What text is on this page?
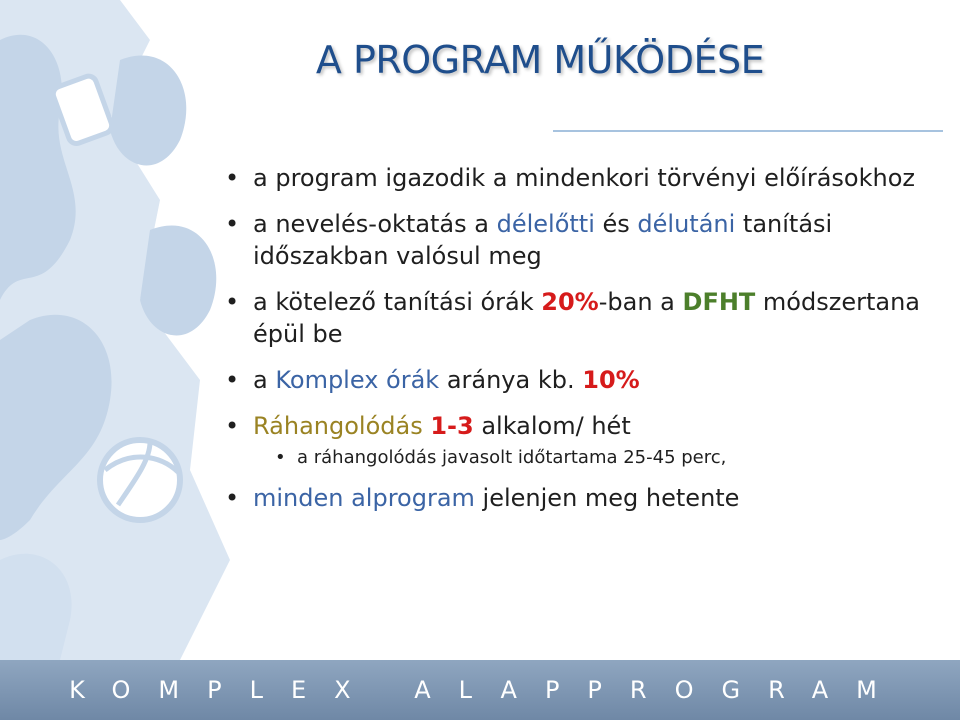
A PROGRAM MŰKÖDÉSE
• a program igazodik a mindenkori törvényi előírásokhoz
• a nevelés-oktatás a délelőtti és délutáni tanítási időszakban valósul meg
• a kötelező tanítási órák 20%-ban a DFHT módszertana épül be
• a Komplex órák aránya kb. 10%
• Ráhangolódás 1-3 alkalom/ hét
• a ráhangolódás javasolt időtartama 25-45 perc,
• minden alprogram jelenjen meg hetente
KOMPLEX ALAPPROGRAM
